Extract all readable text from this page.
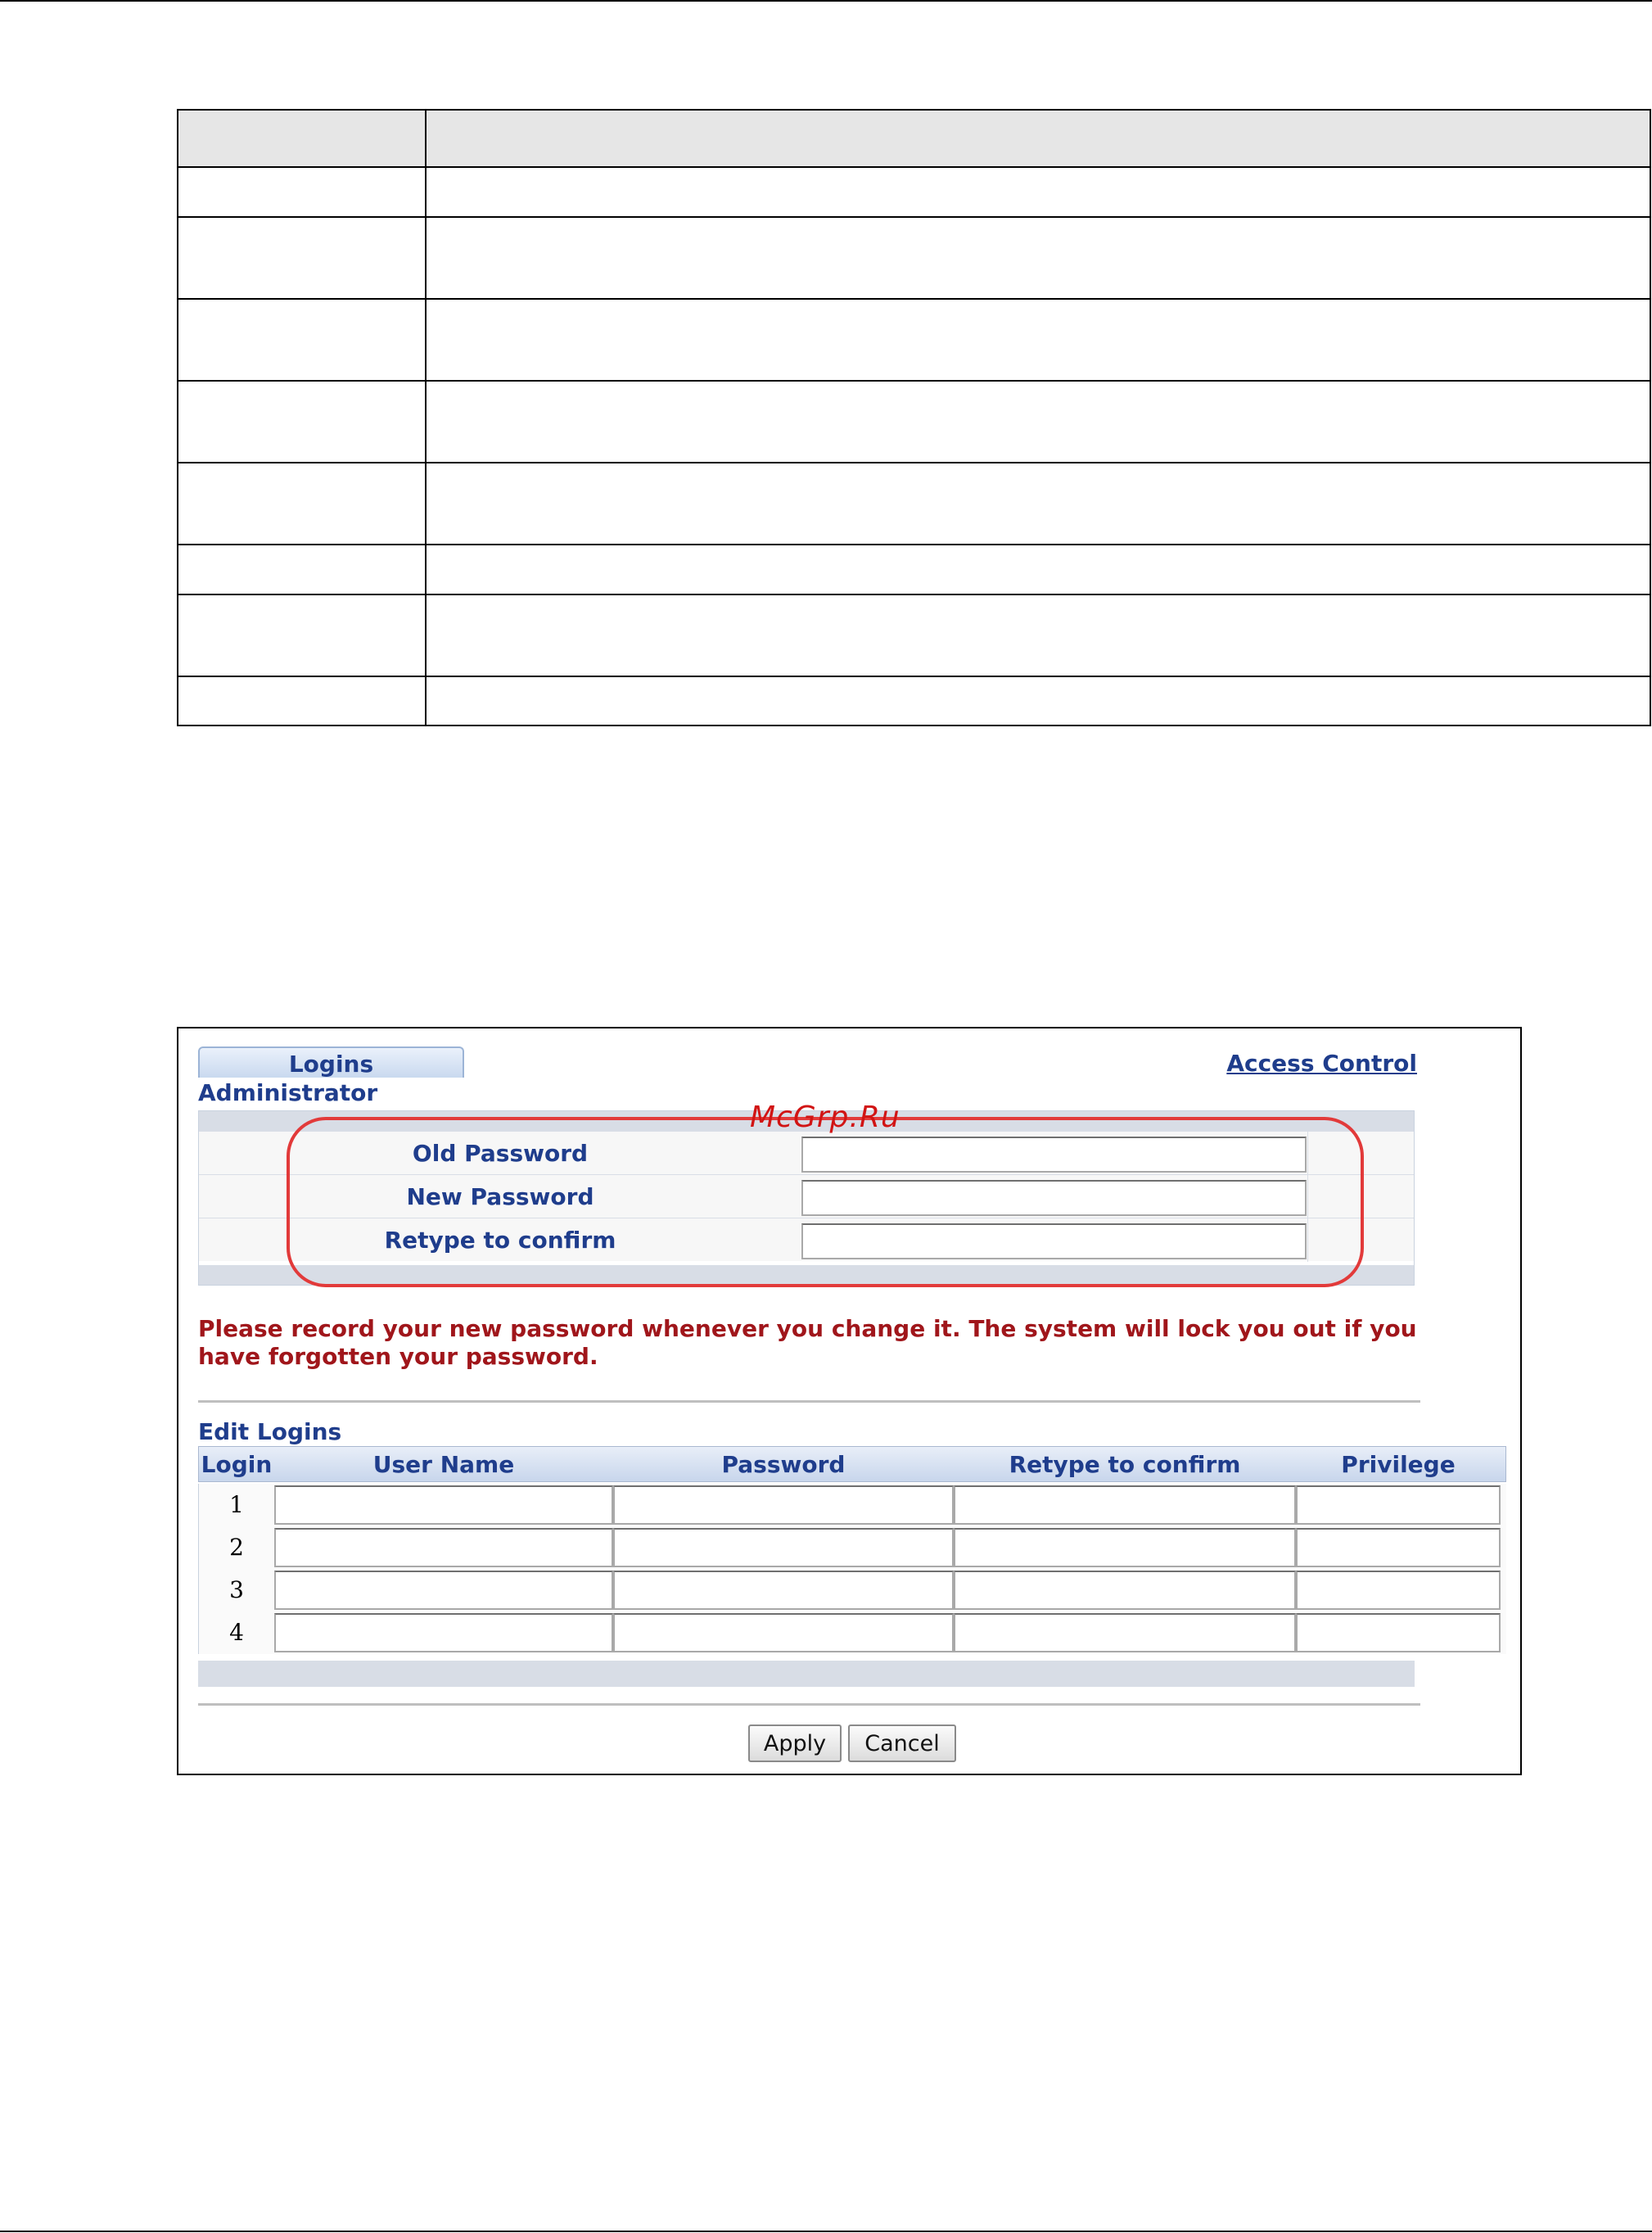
Logins	Access Control
Administrator
Old Password
New Password
Retype to confirm
McGrp.Ru
Please record your new password whenever you change it. The system will lock you out if you have forgotten your password.
Edit Logins
Login	User Name	Password	Retype to confirm	Privilege
1
2
3
4
Apply	Cancel
